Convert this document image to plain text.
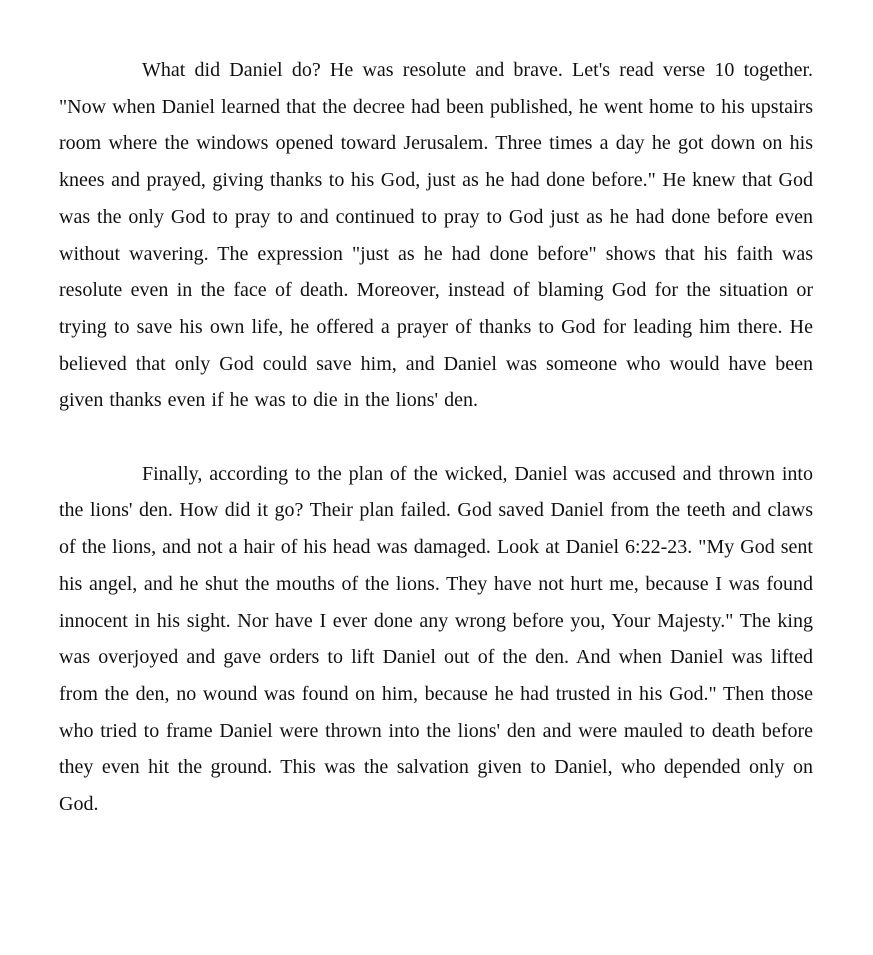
What did Daniel do? He was resolute and brave. Let's read verse 10 together. "Now when Daniel learned that the decree had been published, he went home to his upstairs room where the windows opened toward Jerusalem. Three times a day he got down on his knees and prayed, giving thanks to his God, just as he had done before." He knew that God was the only God to pray to and continued to pray to God just as he had done before even without wavering. The expression "just as he had done before" shows that his faith was resolute even in the face of death. Moreover, instead of blaming God for the situation or trying to save his own life, he offered a prayer of thanks to God for leading him there. He believed that only God could save him, and Daniel was someone who would have been given thanks even if he was to die in the lions' den.

Finally, according to the plan of the wicked, Daniel was accused and thrown into the lions' den. How did it go? Their plan failed. God saved Daniel from the teeth and claws of the lions, and not a hair of his head was damaged. Look at Daniel 6:22-23. "My God sent his angel, and he shut the mouths of the lions. They have not hurt me, because I was found innocent in his sight. Nor have I ever done any wrong before you, Your Majesty." The king was overjoyed and gave orders to lift Daniel out of the den. And when Daniel was lifted from the den, no wound was found on him, because he had trusted in his God." Then those who tried to frame Daniel were thrown into the lions' den and were mauled to death before they even hit the ground. This was the salvation given to Daniel, who depended only on God.
